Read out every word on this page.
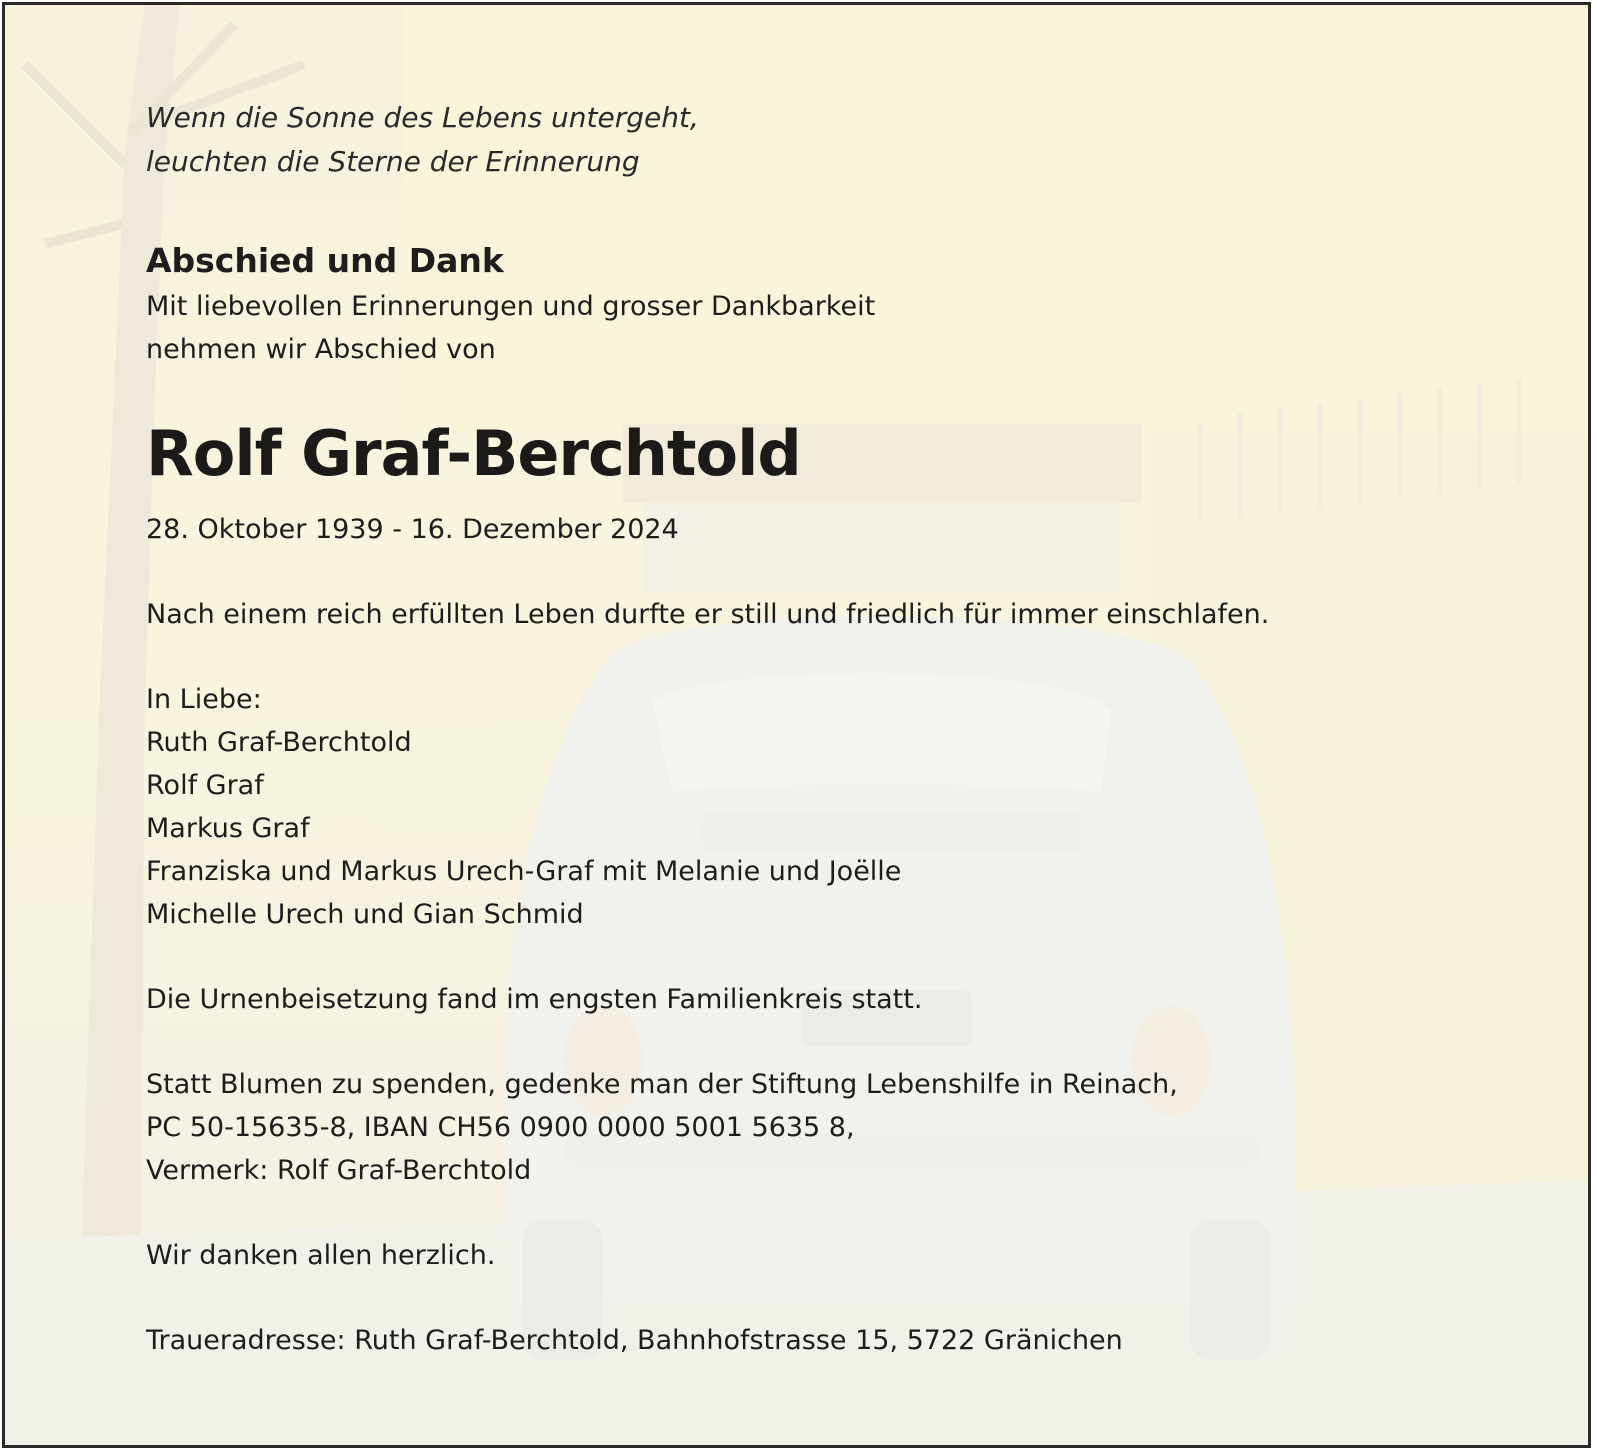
Wenn die Sonne des Lebens untergeht,
leuchten die Sterne der Erinnerung
Abschied und Dank
Mit liebevollen Erinnerungen und grosser Dankbarkeit
nehmen wir Abschied von
Rolf Graf-Berchtold
28. Oktober 1939 - 16. Dezember 2024
Nach einem reich erfüllten Leben durfte er still und friedlich für immer einschlafen.
In Liebe:
Ruth Graf-Berchtold
Rolf Graf
Markus Graf
Franziska und Markus Urech-Graf mit Melanie und Joëlle
Michelle Urech und Gian Schmid
Die Urnenbeisetzung fand im engsten Familienkreis statt.
Statt Blumen zu spenden, gedenke man der Stiftung Lebenshilfe in Reinach,
PC 50-15635-8, IBAN CH56 0900 0000 5001 5635 8,
Vermerk: Rolf Graf-Berchtold
Wir danken allen herzlich.
Traueradresse: Ruth Graf-Berchtold, Bahnhofstrasse 15, 5722 Gränichen
